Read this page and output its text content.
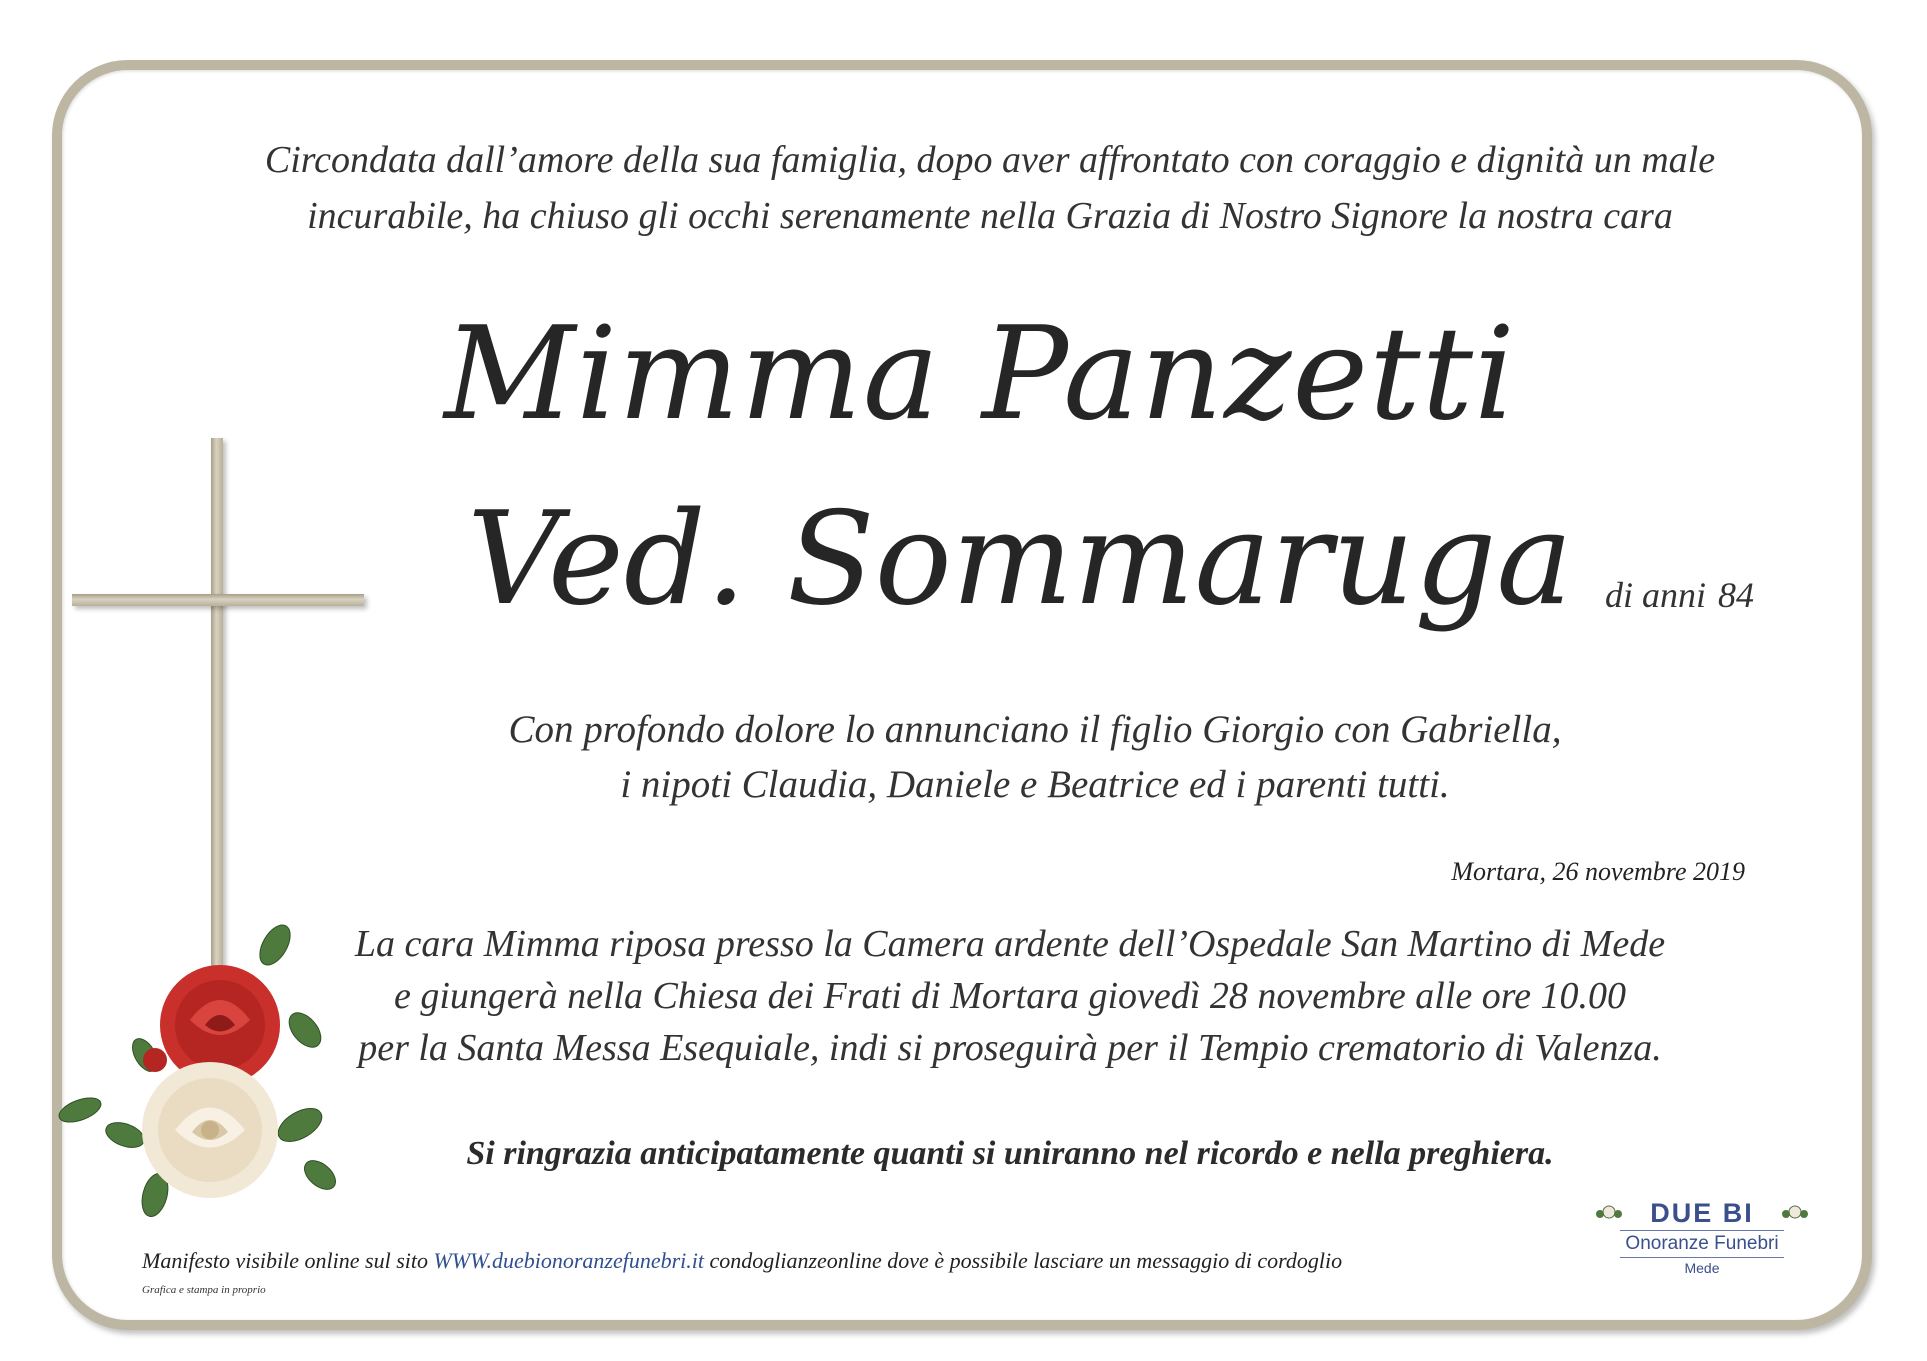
Circondata dall’amore della sua famiglia, dopo aver affrontato con coraggio e dignità un male
incurabile, ha chiuso gli occhi serenamente nella Grazia di Nostro Signore la nostra cara
Mimma Panzetti
Ved. Sommaruga di anni 84
Con profondo dolore lo annunciano il figlio Giorgio con Gabriella,
i nipoti Claudia, Daniele e Beatrice ed i parenti tutti.
Mortara, 26 novembre 2019
La cara Mimma riposa presso la Camera ardente dell’Ospedale San Martino di Mede
e giungerà nella Chiesa dei Frati di Mortara giovedì 28 novembre alle ore 10.00
per la Santa Messa Esequiale, indi si proseguirà per il Tempio crematorio di Valenza.
Si ringrazia anticipatamente quanti si uniranno nel ricordo e nella preghiera.
Manifesto visibile online sul sito WWW.duebionoranzefunebri.it condoglianzeonline dove è possibile lasciare un messaggio di cordoglio
Grafica e stampa in proprio
DUE BI
Onoranze Funebri
Mede
